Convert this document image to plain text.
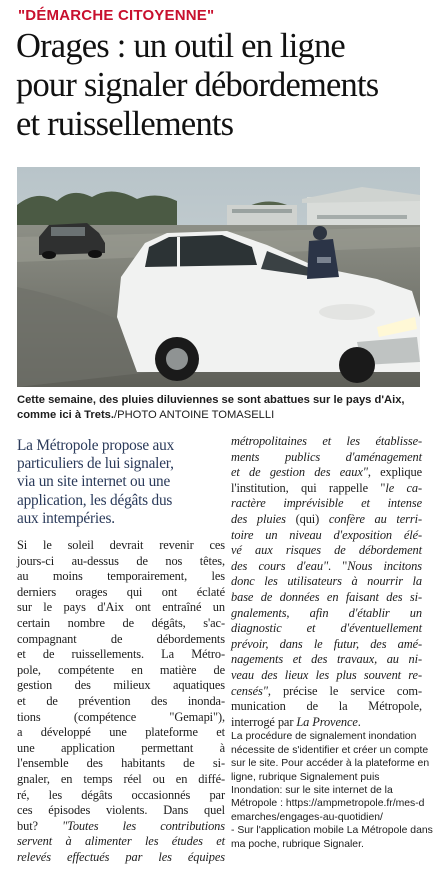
"DÉMARCHE CITOYENNE"
Orages : un outil en ligne
pour signaler débordements
et ruissellements
Cette semaine, des pluies diluviennes se sont abattues sur le pays d'Aix,
comme ici à Trets./PHOTO ANTOINE TOMASELLI
La Métropole propose aux
particuliers de lui signaler,
via un site internet ou une
application, les dégâts dus
aux intempéries.
Si le soleil devrait revenir ces
jours-ci au-dessus de nos têtes,
au moins temporairement, les
derniers orages qui ont éclaté
sur le pays d'Aix ont entraîné un
certain nombre de dégâts, s'ac-
compagnant de débordements
et de ruissellements. La Métro-
pole, compétente en matière de
gestion des milieux aquatiques
et de prévention des inonda-
tions (compétence "Gemapi"),
a développé une plateforme et
une application permettant à
l'ensemble des habitants de si-
gnaler, en temps réel ou en diffé-
ré, les dégâts occasionnés par
ces épisodes violents. Dans quel
but? "Toutes les contributions
servent à alimenter les études et
relevés effectués par les équipes
métropolitaines et les établisse-
ments publics d'aménagement
et de gestion des eaux", explique
l'institution, qui rappelle "le ca-
ractère imprévisible et intense
des pluies (qui) confère au terri-
toire un niveau d'exposition élé-
vé aux risques de débordement
des cours d'eau". "Nous incitons
donc les utilisateurs à nourrir la
base de données en faisant des si-
gnalements, afin d'établir un
diagnostic et d'éventuellement
prévoir, dans le futur, des amé-
nagements et des travaux, au ni-
veau des lieux les plus souvent re-
censés", précise le service com-
munication de la Métropole,
interrogé par La Provence.
La procédure de signalement inondation
nécessite de s'identifier et créer un compte
sur le site. Pour accéder à la plateforme en
ligne, rubrique Signalement puis
Inondation: sur le site internet de la
Métropole : https://ampmetropole.fr/mes-d
emarches/engages-au-quotidien/
- Sur l'application mobile La Métropole dans
ma poche, rubrique Signaler.
